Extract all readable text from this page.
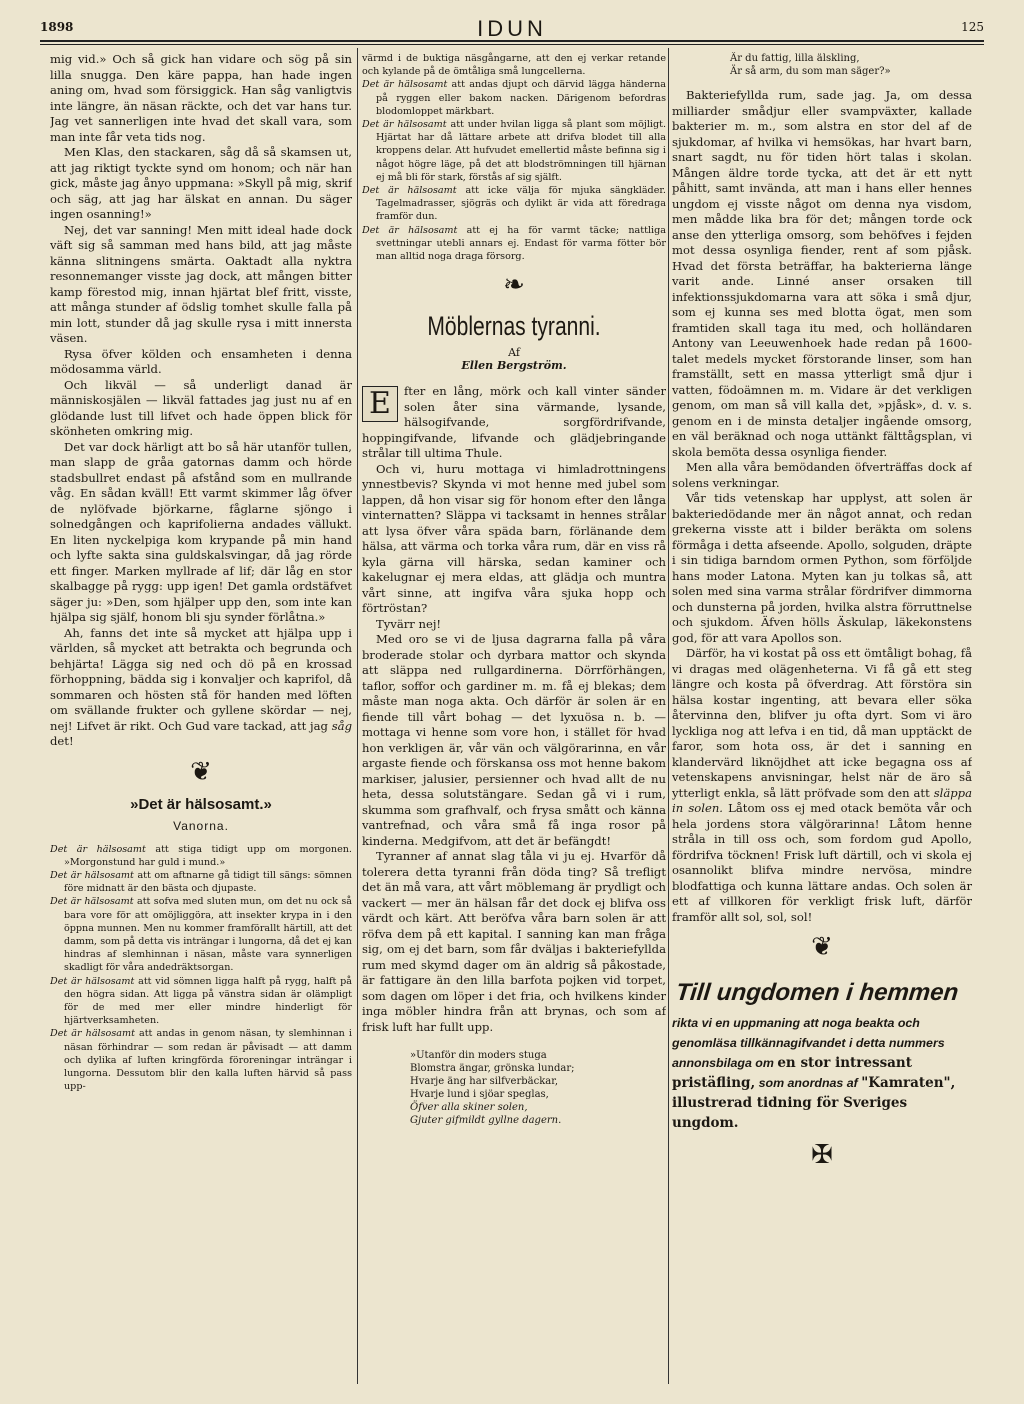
1898	IDUN	125

mig vid.» Och så gick han vidare och sög på sin lilla snugga. Den käre pappa, han hade ingen aning om, hvad som försiggick. Han såg vanligtvis inte längre, än näsan räckte, och det var hans tur. Jag vet sannerligen inte hvad det skall vara, som man inte får veta tids nog.

Men Klas, den stackaren, såg då så skamsen ut, att jag riktigt tyckte synd om honom; och när han gick, måste jag ånyo uppmana: »Skyll på mig, skrif och säg, att jag har älskat en annan. Du säger ingen osanning!»

Nej, det var sanning! Men mitt ideal hade dock väft sig så samman med hans bild, att jag måste känna slitningens smärta. Oaktadt alla nyktra resonnemanger visste jag dock, att mången bitter kamp förestod mig, innan hjärtat blef fritt, visste, att många stunder af ödslig tomhet skulle falla på min lott, stunder då jag skulle rysa i mitt innersta väsen.

Rysa öfver kölden och ensamheten i denna mödosamma värld.

Och likväl — så underligt danad är människosjälen — likväl fattades jag just nu af en glödande lust till lifvet och hade öppen blick för skönheten omkring mig.

Det var dock härligt att bo så här utanför tullen, man slapp de gråa gatornas damm och hörde stadsbullret endast på afstånd som en mullrande våg. En sådan kväll! Ett varmt skimmer låg öfver de nylöfvade björkarne, fåglarne sjöngo i solnedgången och kaprifolierna andades vällukt. En liten nyckelpiga kom krypande på min hand och lyfte sakta sina guldskalsvingar, då jag rörde ett finger. Marken myllrade af lif; där låg en stor skalbagge på rygg: upp igen! Det gamla ordstäfvet säger ju: »Den, som hjälper upp den, som inte kan hjälpa sig själf, honom bli sju synder förlåtna.»

Ah, fanns det inte så mycket att hjälpa upp i världen, så mycket att betrakta och begrunda och behjärta! Lägga sig ned och dö på en krossad förhoppning, bädda sig i konvaljer och kaprifol, då sommaren och hösten stå för handen med löften om svällande frukter och gyllene skördar — nej, nej! Lifvet är rikt. Och Gud vare tackad, att jag såg det!

❦
»Det är hälsosamt.»
Vanorna.

Det är hälsosamt att stiga tidigt upp om morgonen. »Morgonstund har guld i mund.»

Det är hälsosamt att om aftnarne gå tidigt till sängs: sömnen före midnatt är den bästa och djupaste.

Det är hälsosamt att sofva med sluten mun, om det nu ock så bara vore för att omöjliggöra, att insekter krypa in i den öppna munnen. Men nu kommer framförallt härtill, att det damm, som på detta vis inträngar i lungorna, då det ej kan hindras af slemhinnan i näsan, måste vara synnerligen skadligt för våra andedräktsorgan.

Det är hälsosamt att vid sömnen ligga halft på rygg, halft på den högra sidan. Att ligga på vänstra sidan är olämpligt för de med mer eller mindre hinderligt för hjärtverksamheten.

Det är hälsosamt att andas in genom näsan, ty slemhinnan i näsan förhindrar — som redan är påvisadt — att damm och dylika af luften kringförda föroreningar inträngar i lungorna. Dessutom blir den kalla luften härvid så pass upp-

värmd i de buktiga näsgångarne, att den ej verkar retande och kylande på de ömtåliga små lungcellerna.

Det är hälsosamt att andas djupt och därvid lägga händerna på ryggen eller bakom nacken. Därigenom befordras blodomloppet märkbart.

Det är hälsosamt att under hvilan ligga så plant som möjligt. Hjärtat har då lättare arbete att drifva blodet till alla kroppens delar. Att hufvudet emellertid måste befinna sig i något högre läge, på det att blodströmningen till hjärnan ej må bli för stark, förstås af sig själft.

Det är hälsosamt att icke välja för mjuka sängkläder. Tagelmadrasser, sjögräs och dylikt är vida att föredraga framför dun.

Det är hälsosamt att ej ha för varmt täcke; nattliga svettningar utebli annars ej. Endast för varma fötter bör man alltid noga draga försorg.

❧
Möblernas tyranni.
Af
Ellen Bergström.

E	fter en lång, mörk och kall vinter sänder solen åter sina värmande, lysande, hälsogifvande, sorgfördrifvande, hoppingifvande, lifvande och glädjebringande strålar till ultima Thule.

Och vi, huru mottaga vi himladrottningens ynnestbevis? Skynda vi mot henne med jubel som lappen, då hon visar sig för honom efter den långa vinternatten? Släppa vi tacksamt in hennes strålar att lysa öfver våra späda barn, förlänande dem hälsa, att värma och torka våra rum, där en viss rå kyla gärna vill härska, sedan kaminer och kakelugnar ej mera eldas, att glädja och muntra vårt sinne, att ingifva våra sjuka hopp och förtröstan?

Tyvärr nej!

Med oro se vi de ljusa dagrarna falla på våra broderade stolar och dyrbara mattor och skynda att släppa ned rullgardinerna. Dörrförhängen, taflor, soffor och gardiner m. m. få ej blekas; dem måste man noga akta. Och därför är solen är en fiende till vårt bohag — det lyxuösa n. b. — mottaga vi henne som vore hon, i stället för hvad hon verkligen är, vår vän och välgörarinna, en vår argaste fiende och förskansa oss mot henne bakom markiser, jalusier, persienner och hvad allt de nu heta, dessa solutstängare. Sedan gå vi i rum, skumma som grafhvalf, och frysa smått och känna vantrefnad, och våra små få inga rosor på kinderna. Medgifvom, att det är befängdt!

Tyranner af annat slag tåla vi ju ej. Hvarför då tolerera detta tyranni från döda ting? Så trefligt det än må vara, att vårt möblemang är prydligt och vackert — mer än hälsan får det dock ej blifva oss värdt och kärt. Att beröfva våra barn solen är att röfva dem på ett kapital. I sanning kan man fråga sig, om ej det barn, som får dväljas i bakteriefyllda rum med skymd dager om än aldrig så påkostade, är fattigare än den lilla barfota pojken vid torpet, som dagen om löper i det fria, och hvilkens kinder inga möbler hindra från att brynas, och som af frisk luft har fullt upp.

»Utanför din moders stuga
Blomstra ängar, grönska lundar;
Hvarje äng har silfverbäckar,
Hvarje lund i sjöar speglas,
Öfver alla skiner solen,
Gjuter gifmildt gyllne dagern.
Är du fattig, lilla älskling,
Är så arm, du som man säger?»

Bakteriefyllda rum, sade jag. Ja, om dessa milliarder smådjur eller svampväxter, kallade bakterier m. m., som alstra en stor del af de sjukdomar, af hvilka vi hemsökas, har hvart barn, snart sagdt, nu för tiden hört talas i skolan. Mången äldre torde tycka, att det är ett nytt påhitt, samt invända, att man i hans eller hennes ungdom ej visste något om denna nya visdom, men mådde lika bra för det; mången torde ock anse den ytterliga omsorg, som behöfves i fejden mot dessa osynliga fiender, rent af som pjåsk. Hvad det första beträffar, ha bakterierna länge varit ande. Linné anser orsaken till infektionssjukdomarna vara att söka i små djur, som ej kunna ses med blotta ögat, men som framtiden skall taga itu med, och holländaren Antony van Leeuwenhoek hade redan på 1600-talet medels mycket förstorande linser, som han framställt, sett en massa ytterligt små djur i vatten, födoämnen m. m. Vidare är det verkligen genom, om man så vill kalla det, »pjåsk», d. v. s. genom en i de minsta detaljer ingående omsorg, en väl beräknad och noga uttänkt fälttågsplan, vi skola bemöta dessa osynliga fiender.

Men alla våra bemödanden öfverträffas dock af solens verkningar.

Vår tids vetenskap har upplyst, att solen är bakteriedödande mer än något annat, och redan grekerna visste att i bilder beräkta om solens förmåga i detta afseende. Apollo, solguden, dräpte i sin tidiga barndom ormen Python, som förföljde hans moder Latona. Myten kan ju tolkas så, att solen med sina varma strålar fördrifver dimmorna och dunsterna på jorden, hvilka alstra förruttnelse och sjukdom. Äfven hölls Äskulap, läkekonstens god, för att vara Apollos son.

Därför, ha vi kostat på oss ett ömtåligt bohag, få vi dragas med olägenheterna. Vi få gå ett steg längre och kosta på öfverdrag. Att förstöra sin hälsa kostar ingenting, att bevara eller söka återvinna den, blifver ju ofta dyrt. Som vi äro lyckliga nog att lefva i en tid, då man upptäckt de faror, som hota oss, är det i sanning en klandervärd liknöjdhet att icke begagna oss af vetenskapens anvisningar, helst när de äro så ytterligt enkla, så lätt pröfvade som den att släppa in solen. Låtom oss ej med otack bemöta vår och hela jordens stora välgörarinna! Låtom henne stråla in till oss och, som fordom gud Apollo, fördrifva töcknen! Frisk luft därtill, och vi skola ej osannolikt blifva mindre nervösa, mindre blodfattiga och kunna lättare andas. Och solen är ett af villkoren för verkligt frisk luft, därför framför allt sol, sol, sol!

❦
Till ungdomen i hemmen
rikta vi en uppmaning att noga beakta och genomläsa tillkännagifvandet i detta nummers annonsbilaga om en stor intressant pristäfling, som anordnas af "Kamraten", illustrerad tidning för Sveriges ungdom.
✠
